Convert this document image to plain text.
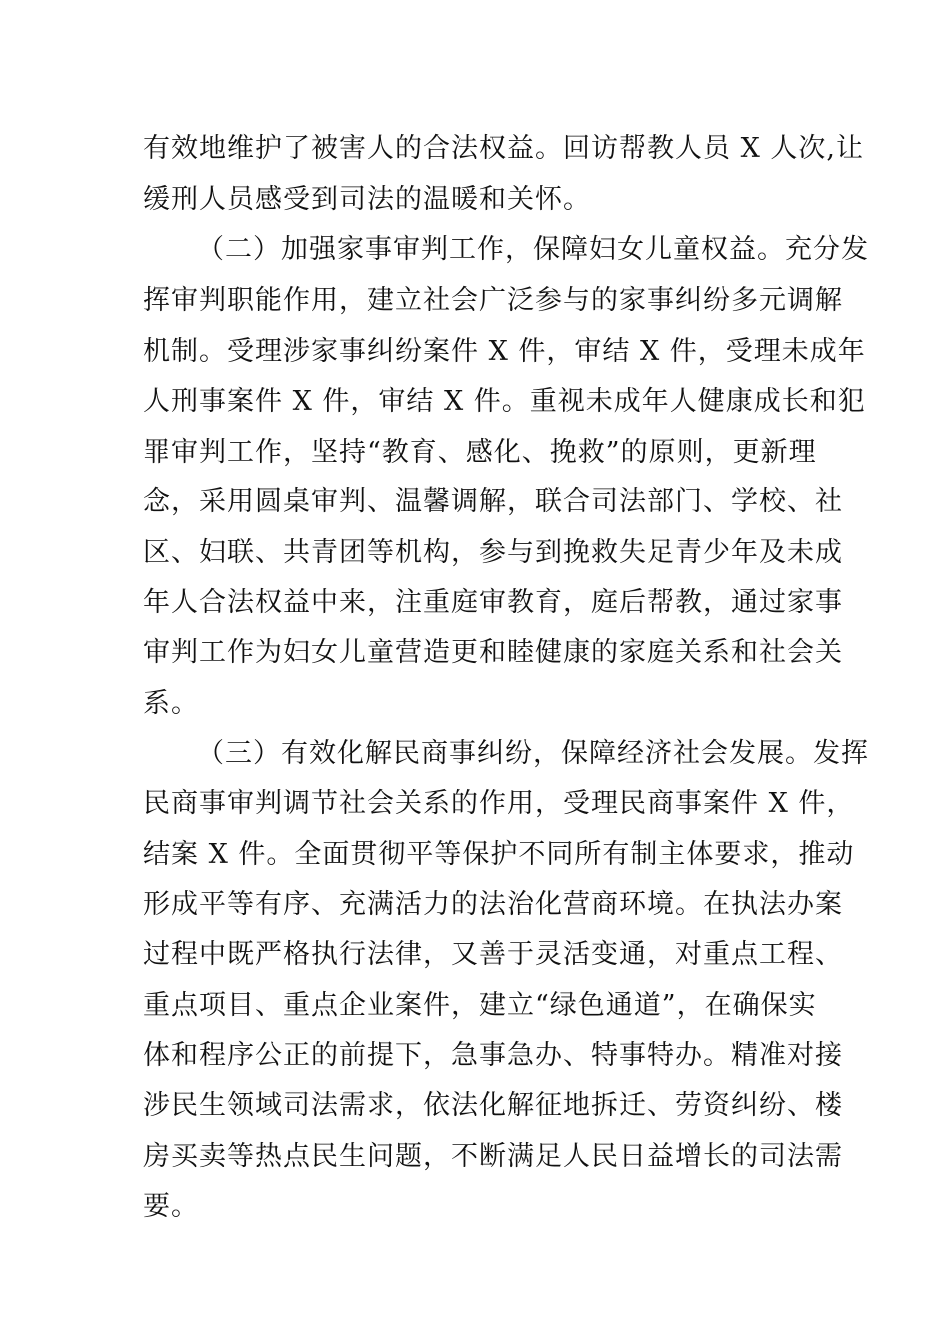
有效地维护了被害人的合法权益。回访帮教人员 X 人次,让
缓刑人员感受到司法的温暖和关怀。
（二）加强家事审判工作，保障妇女儿童权益。充分发
挥审判职能作用，建立社会广泛参与的家事纠纷多元调解
机制。受理涉家事纠纷案件 X 件，审结 X 件，受理未成年
人刑事案件 X 件，审结 X 件。重视未成年人健康成长和犯
罪审判工作，坚持“教育、感化、挽救”的原则，更新理
念，采用圆桌审判、温馨调解，联合司法部门、学校、社
区、妇联、共青团等机构，参与到挽救失足青少年及未成
年人合法权益中来，注重庭审教育，庭后帮教，通过家事
审判工作为妇女儿童营造更和睦健康的家庭关系和社会关
系。
（三）有效化解民商事纠纷，保障经济社会发展。发挥
民商事审判调节社会关系的作用，受理民商事案件 X 件，
结案 X 件。全面贯彻平等保护不同所有制主体要求，推动
形成平等有序、充满活力的法治化营商环境。在执法办案
过程中既严格执行法律，又善于灵活变通，对重点工程、
重点项目、重点企业案件，建立“绿色通道”，在确保实
体和程序公正的前提下，急事急办、特事特办。精准对接
涉民生领域司法需求，依法化解征地拆迁、劳资纠纷、楼
房买卖等热点民生问题，不断满足人民日益增长的司法需
要。
